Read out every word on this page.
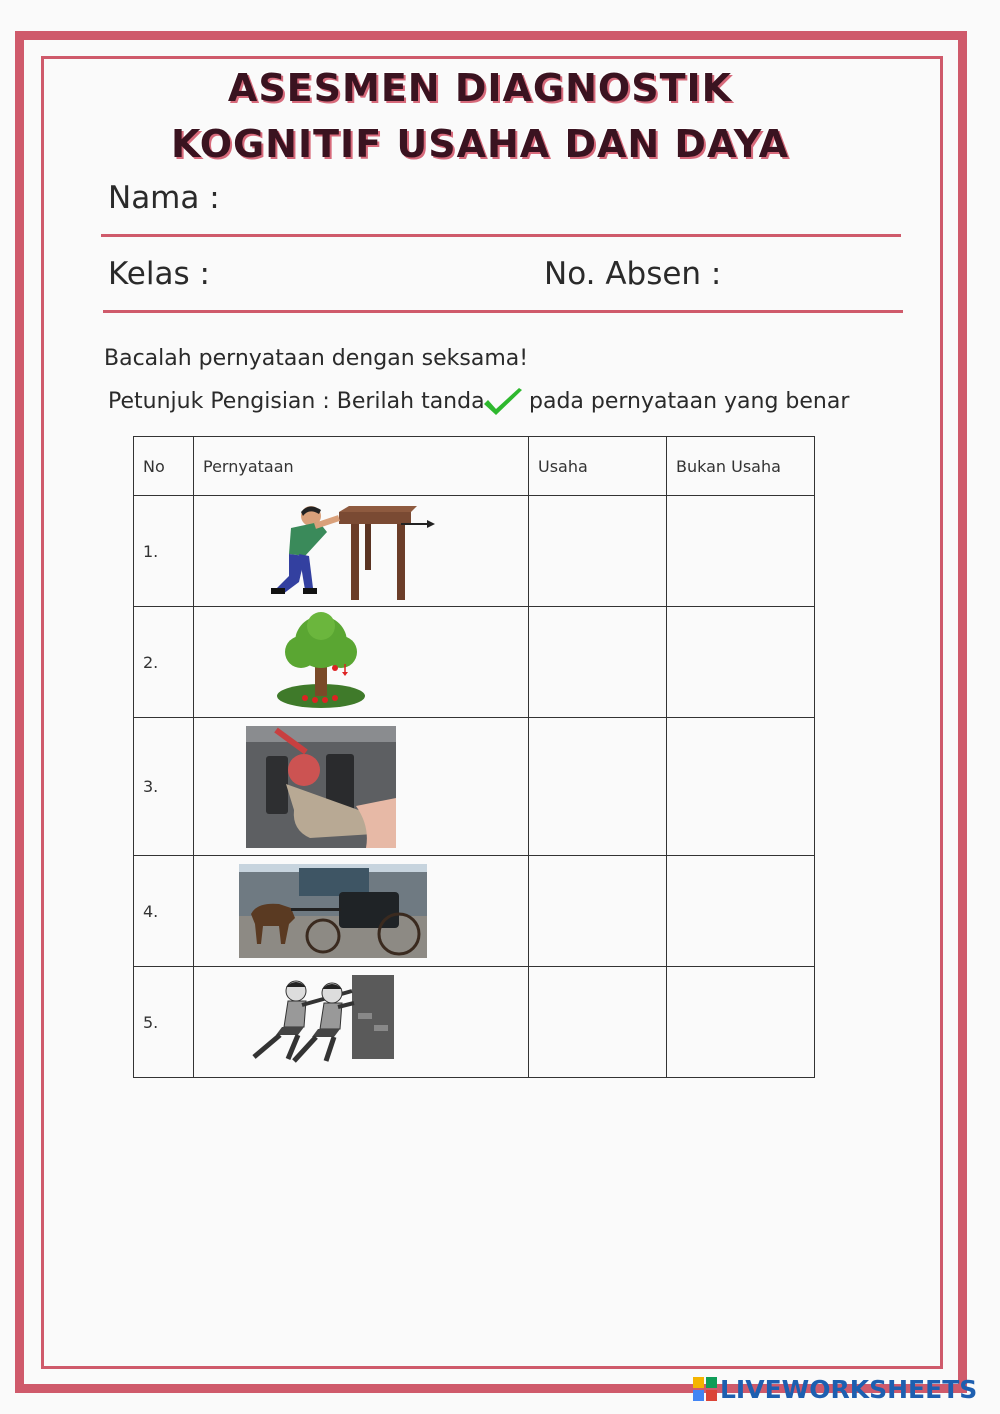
ASESMEN DIAGNOSTIK
KOGNITIF USAHA DAN DAYA
Nama :
Kelas :	No. Absen :
Bacalah pernyataan dengan seksama!
Petunjuk Pengisian : Berilah tanda pada pernyataan yang benar
No	Pernyataan	Usaha	Bukan Usaha
1.	

2.	

3.	

4.	

5.	

LIVEWORKSHEETS
